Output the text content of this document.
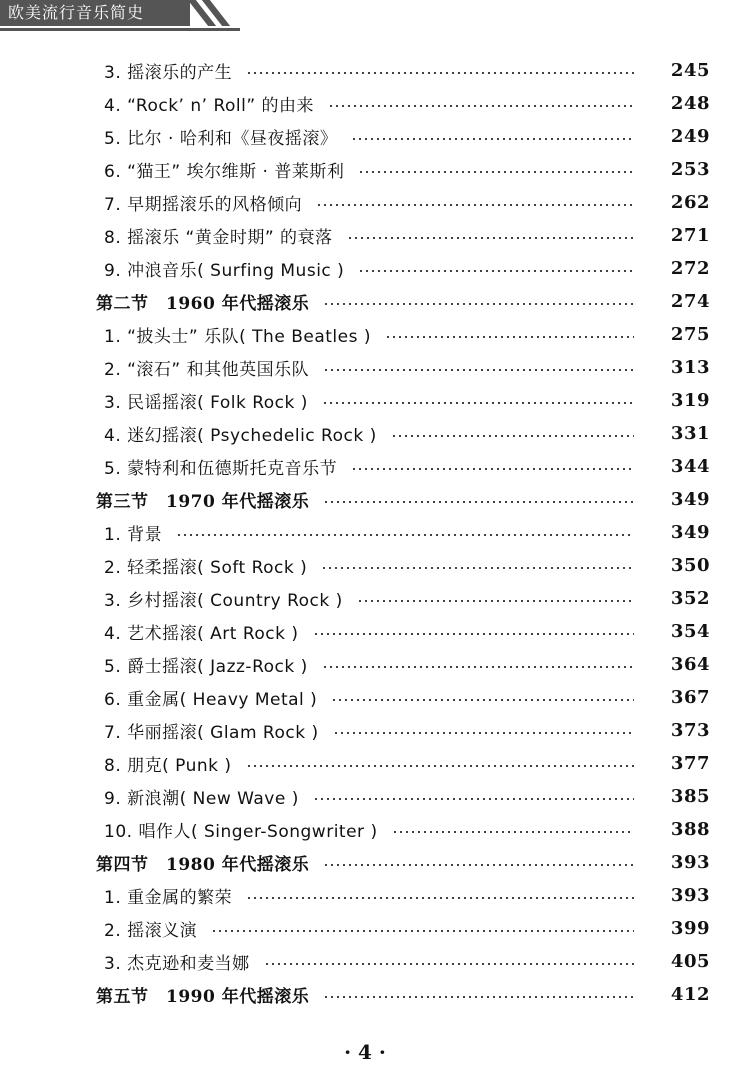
欧美流行音乐简史
3. 摇滚乐的产生	245
4. “Rock’ n’ Roll” 的由来	248
5. 比尔 · 哈利和《昼夜摇滚》	249
6. “猫王” 埃尔维斯 · 普莱斯利	253
7. 早期摇滚乐的风格倾向	262
8. 摇滚乐 “黄金时期” 的衰落	271
9. 冲浪音乐( Surfing Music )	272
第二节　1960 年代摇滚乐	274
1. “披头士” 乐队( The Beatles )	275
2. “滚石” 和其他英国乐队	313
3. 民谣摇滚( Folk Rock )	319
4. 迷幻摇滚( Psychedelic Rock )	331
5. 蒙特利和伍德斯托克音乐节	344
第三节　1970 年代摇滚乐	349
1. 背景	349
2. 轻柔摇滚( Soft Rock )	350
3. 乡村摇滚( Country Rock )	352
4. 艺术摇滚( Art Rock )	354
5. 爵士摇滚( Jazz-Rock )	364
6. 重金属( Heavy Metal )	367
7. 华丽摇滚( Glam Rock )	373
8. 朋克( Punk )	377
9. 新浪潮( New Wave )	385
10. 唱作人( Singer-Songwriter )	388
第四节　1980 年代摇滚乐	393
1. 重金属的繁荣	393
2. 摇滚义演	399
3. 杰克逊和麦当娜	405
第五节　1990 年代摇滚乐	412
· 4 ·
